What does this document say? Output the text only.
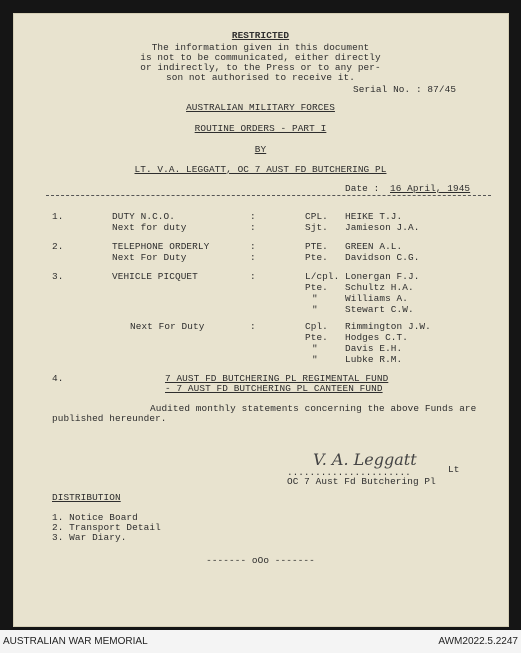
RESTRICTED
The information given in this document
is not to be communicated, either directly
or indirectly, to the Press or to any per-
son not authorised to receive it.
Serial No. : 87/45
AUSTRALIAN MILITARY FORCES
ROUTINE ORDERS - PART I
BY
LT. V.A. LEGGATT, OC 7 AUST FD BUTCHERING PL
Date : 16 April, 1945
1.	DUTY N.C.O.	:	CPL. HEIKE T.J.
Next for duty	:	Sjt. Jamieson J.A.
2.	TELEPHONE ORDERLY	:	PTE. GREEN A.L.
Next For Duty	:	Pte. Davidson C.G.
3.	VEHICLE PICQUET	:	L/cpl. Lonergan F.J.
Pte. Schultz H.A.
"	Williams A.
"	Stewart C.W.
Next For Duty	:	Cpl. Rimmington J.W.
Pte. Hodges C.T.
"	Davis E.H.
"	Lubke R.M.
4.	7 AUST FD BUTCHERING PL REGIMENTAL FUND
- 7 AUST FD BUTCHERING PL CANTEEN FUND
Audited monthly statements concerning the above Funds are
published hereunder.
V. A. Leggatt
......................	Lt
OC 7 Aust Fd Butchering Pl
DISTRIBUTION
1. Notice Board
2. Transport Detail
3. War Diary.
------- oOo -------
AUSTRALIAN WAR MEMORIAL	AWM2022.5.2247
